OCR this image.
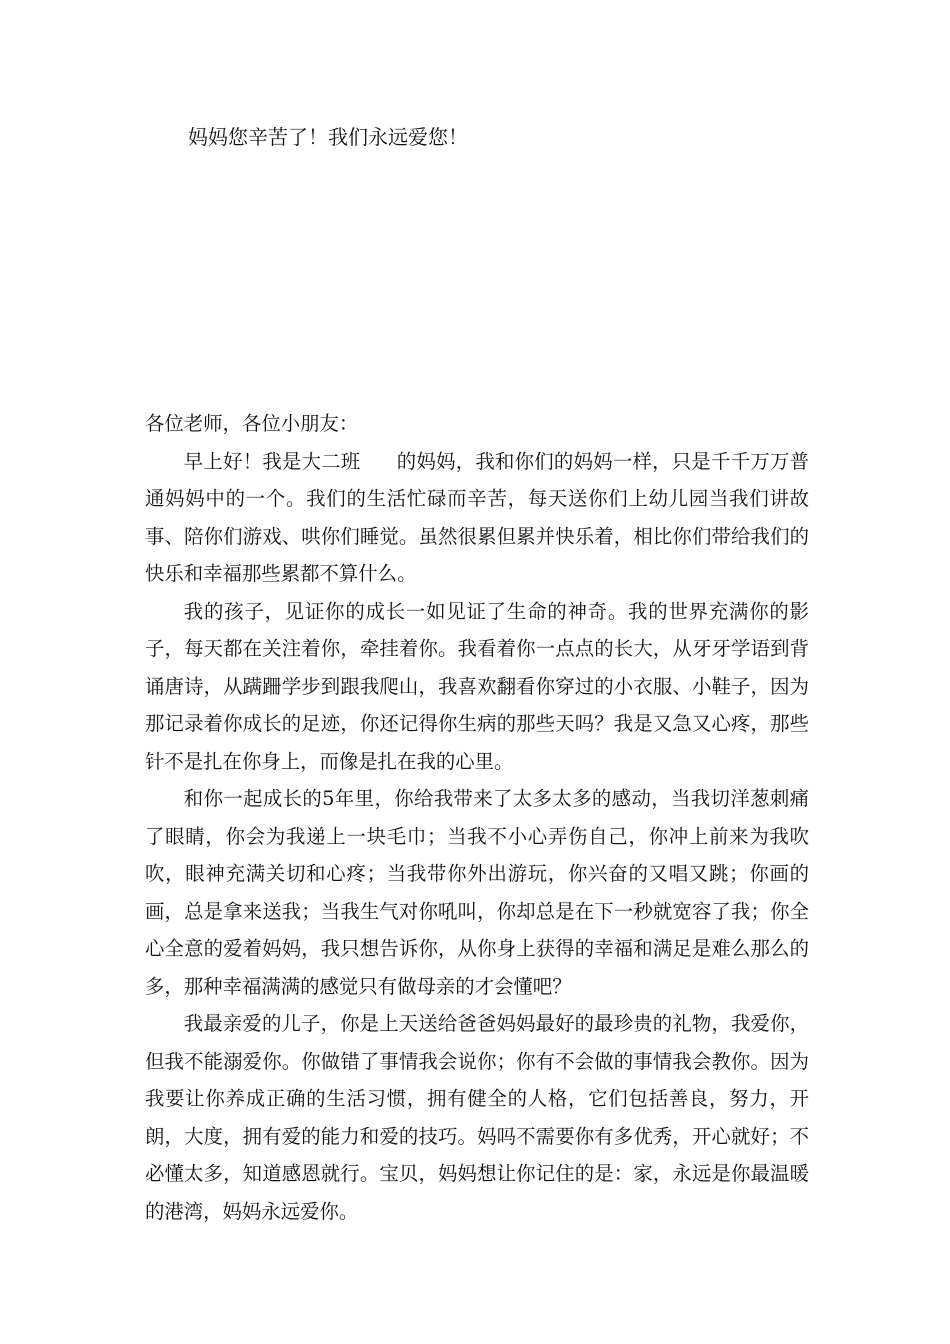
妈妈您辛苦了！我们永远爱您！

各位老师，各位小朋友：

早上好！我是大二班 的妈妈，我和你们的妈妈一样，只是千千万万普通妈妈中的一个。我们的生活忙碌而辛苦，每天送你们上幼儿园当我们讲故事、陪你们游戏、哄你们睡觉。虽然很累但累并快乐着，相比你们带给我们的快乐和幸福那些累都不算什么。

我的孩子，见证你的成长一如见证了生命的神奇。我的世界充满你的影子，每天都在关注着你，牵挂着你。我看着你一点点的长大，从牙牙学语到背诵唐诗，从蹒跚学步到跟我爬山，我喜欢翻看你穿过的小衣服、小鞋子，因为那记录着你成长的足迹，你还记得你生病的那些天吗？我是又急又心疼，那些针不是扎在你身上，而像是扎在我的心里。

和你一起成长的5年里，你给我带来了太多太多的感动，当我切洋葱刺痛了眼睛，你会为我递上一块毛巾；当我不小心弄伤自己，你冲上前来为我吹吹，眼神充满关切和心疼；当我带你外出游玩，你兴奋的又唱又跳；你画的画，总是拿来送我；当我生气对你吼叫，你却总是在下一秒就宽容了我；你全心全意的爱着妈妈，我只想告诉你，从你身上获得的幸福和满足是难么那么的多，那种幸福满满的感觉只有做母亲的才会懂吧？

我最亲爱的儿子，你是上天送给爸爸妈妈最好的最珍贵的礼物，我爱你，但我不能溺爱你。你做错了事情我会说你；你有不会做的事情我会教你。因为我要让你养成正确的生活习惯，拥有健全的人格，它们包括善良，努力，开朗，大度，拥有爱的能力和爱的技巧。妈吗不需要你有多优秀，开心就好；不必懂太多，知道感恩就行。宝贝，妈妈想让你记住的是：家，永远是你最温暖的港湾，妈妈永远爱你。
